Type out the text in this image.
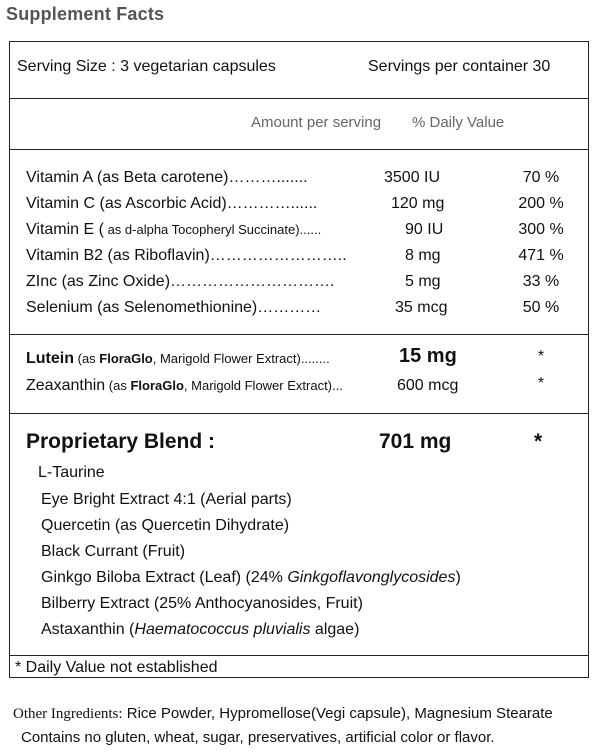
Supplement Facts
Serving Size : 3 vegetarian capsules	Servings per container 30
Amount per serving % Daily Value
Vitamin A (as Beta carotene)……….......	3500 IU	70 %
Vitamin C (as Ascorbic Acid)…………......	120 mg	200 %
Vitamin E ( as d-alpha Tocopheryl Succinate)......	90 IU	300 %
Vitamin B2 (as Riboflavin)……………………..	8 mg	471 %
ZInc (as Zinc Oxide)………………………….	5 mg	33 %
Selenium (as Selenomethionine)…………	35 mcg	50 %
Lutein (as FloraGlo, Marigold Flower Extract)........	15 mg	*
Zeaxanthin (as FloraGlo, Marigold Flower Extract)...	600 mcg	*
Proprietary Blend :	701 mg	*
L-Taurine
Eye Bright Extract 4:1 (Aerial parts)
Quercetin (as Quercetin Dihydrate)
Black Currant (Fruit)
Ginkgo Biloba Extract (Leaf) (24% Ginkgoflavonglycosides)
Bilberry Extract (25% Anthocyanosides, Fruit)
Astaxanthin (Haematococcus pluvialis algae)
* Daily Value not established
Other Ingredients: Rice Powder, Hypromellose(Vegi capsule), Magnesium Stearate
Contains no gluten, wheat, sugar, preservatives, artificial color or flavor.
